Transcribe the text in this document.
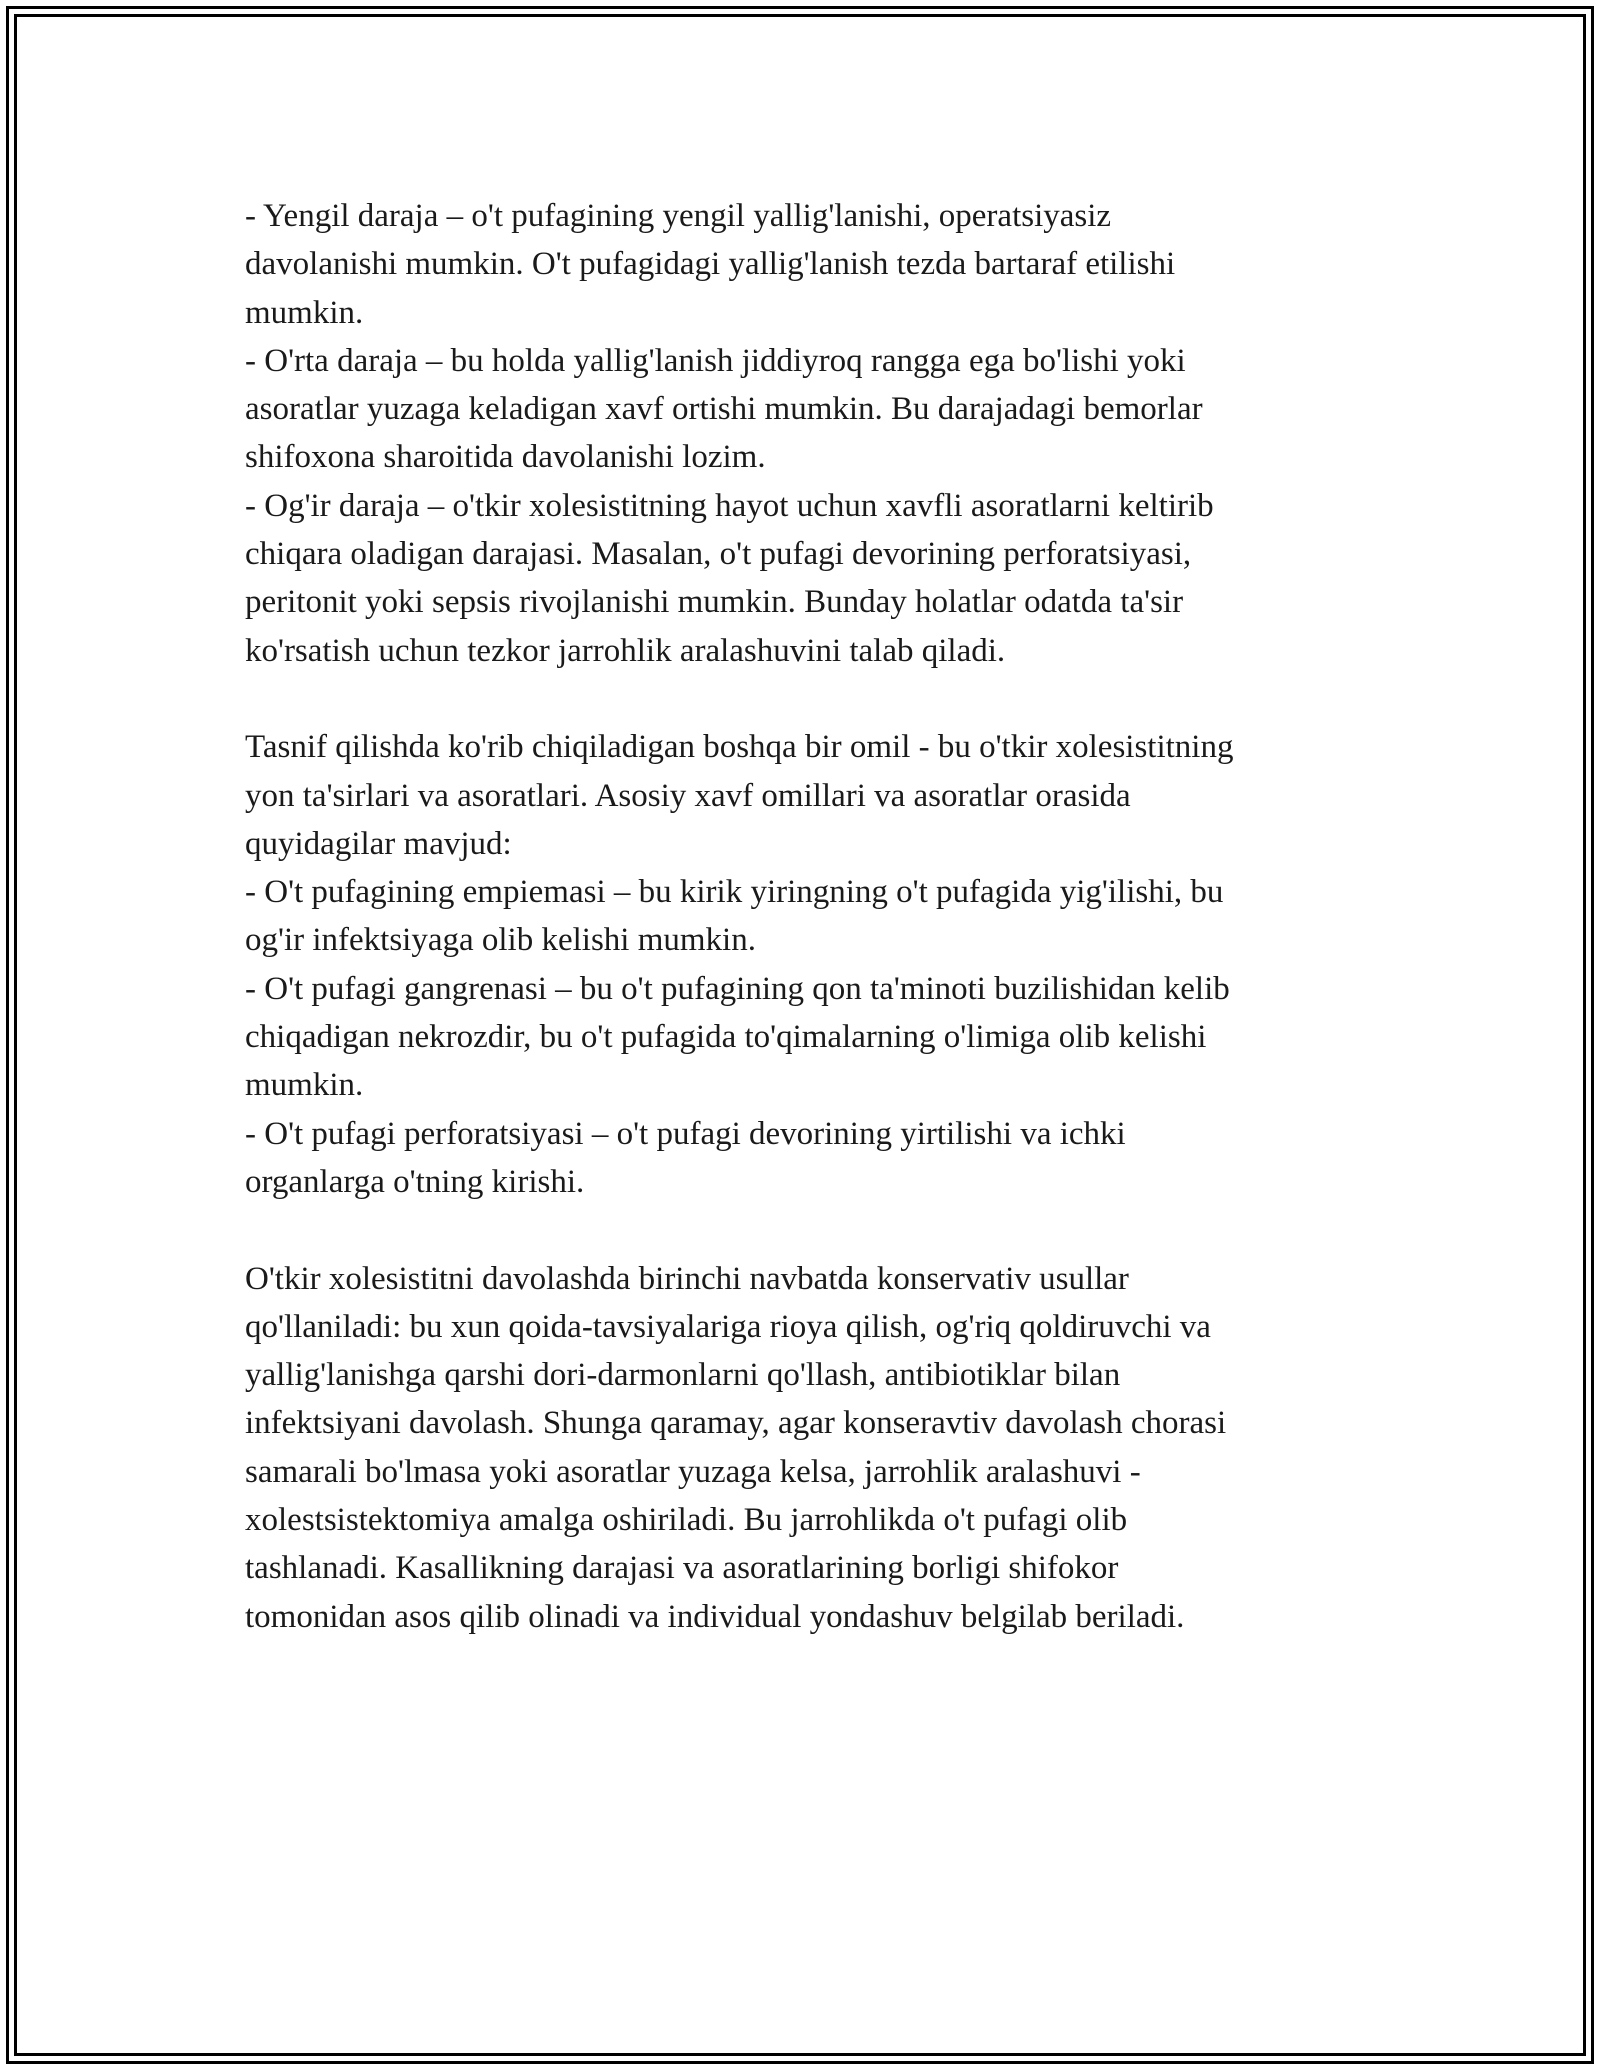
- Yengil daraja – o't pufagining yengil yallig'lanishi, operatsiyasiz
davolanishi mumkin. O't pufagidagi yallig'lanish tezda bartaraf etilishi
mumkin.
- O'rta daraja – bu holda yallig'lanish jiddiyroq rangga ega bo'lishi yoki
asoratlar yuzaga keladigan xavf ortishi mumkin. Bu darajadagi bemorlar
shifoxona sharoitida davolanishi lozim.
- Og'ir daraja – o'tkir xolesistitning hayot uchun xavfli asoratlarni keltirib
chiqara oladigan darajasi. Masalan, o't pufagi devorining perforatsiyasi,
peritonit yoki sepsis rivojlanishi mumkin. Bunday holatlar odatda ta'sir
ko'rsatish uchun tezkor jarrohlik aralashuvini talab qiladi.
Tasnif qilishda ko'rib chiqiladigan boshqa bir omil - bu o'tkir xolesistitning
yon ta'sirlari va asoratlari. Asosiy xavf omillari va asoratlar orasida
quyidagilar mavjud:
- O't pufagining empiemasi – bu kirik yiringning o't pufagida yig'ilishi, bu
og'ir infektsiyaga olib kelishi mumkin.
- O't pufagi gangrenasi – bu o't pufagining qon ta'minoti buzilishidan kelib
chiqadigan nekrozdir, bu o't pufagida to'qimalarning o'limiga olib kelishi
mumkin.
- O't pufagi perforatsiyasi – o't pufagi devorining yirtilishi va ichki
organlarga o'tning kirishi.
O'tkir xolesistitni davolashda birinchi navbatda konservativ usullar
qo'llaniladi: bu xun qoida-tavsiyalariga rioya qilish, og'riq qoldiruvchi va
yallig'lanishga qarshi dori-darmonlarni qo'llash, antibiotiklar bilan
infektsiyani davolash. Shunga qaramay, agar konseravtiv davolash chorasi
samarali bo'lmasa yoki asoratlar yuzaga kelsa, jarrohlik aralashuvi -
xolestsistektomiya amalga oshiriladi. Bu jarrohlikda o't pufagi olib
tashlanadi. Kasallikning darajasi va asoratlarining borligi shifokor
tomonidan asos qilib olinadi va individual yondashuv belgilab beriladi.
